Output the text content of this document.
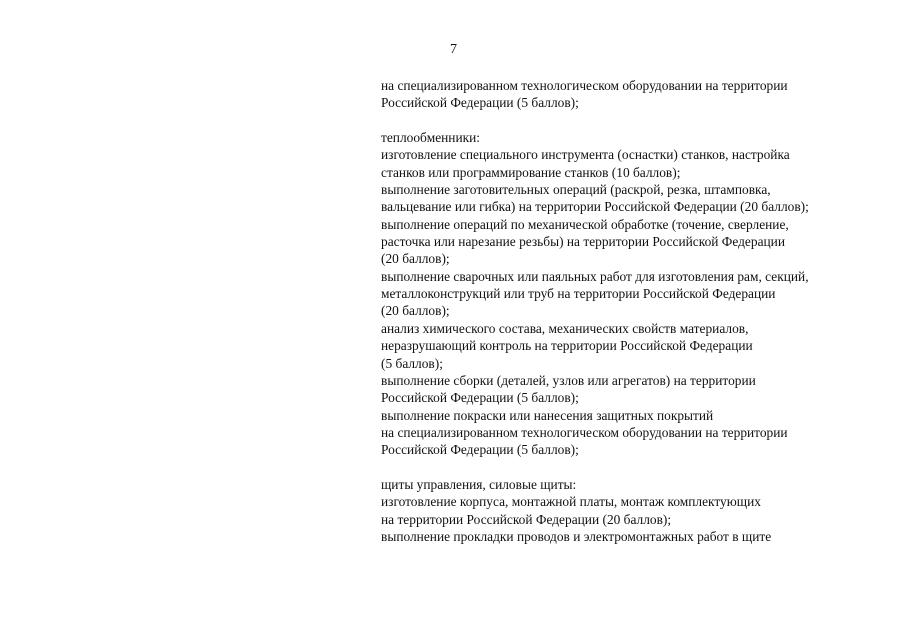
7
на специализированном технологическом оборудовании на территории
Российской Федерации (5 баллов);
теплообменники:
изготовление специального инструмента (оснастки) станков, настройка
станков или программирование станков (10 баллов);
выполнение заготовительных операций (раскрой, резка, штамповка,
вальцевание или гибка) на территории Российской Федерации (20 баллов);
выполнение операций по механической обработке (точение, сверление,
расточка или нарезание резьбы) на территории Российской Федерации
(20 баллов);
выполнение сварочных или паяльных работ для изготовления рам, секций,
металлоконструкций или труб на территории Российской Федерации
(20 баллов);
анализ химического состава, механических свойств материалов,
неразрушающий контроль на территории Российской Федерации
(5 баллов);
выполнение сборки (деталей, узлов или агрегатов) на территории
Российской Федерации (5 баллов);
выполнение покраски или нанесения защитных покрытий
на специализированном технологическом оборудовании на территории
Российской Федерации (5 баллов);
щиты управления, силовые щиты:
изготовление корпуса, монтажной платы, монтаж комплектующих
на территории Российской Федерации (20 баллов);
выполнение прокладки проводов и электромонтажных работ в щите
